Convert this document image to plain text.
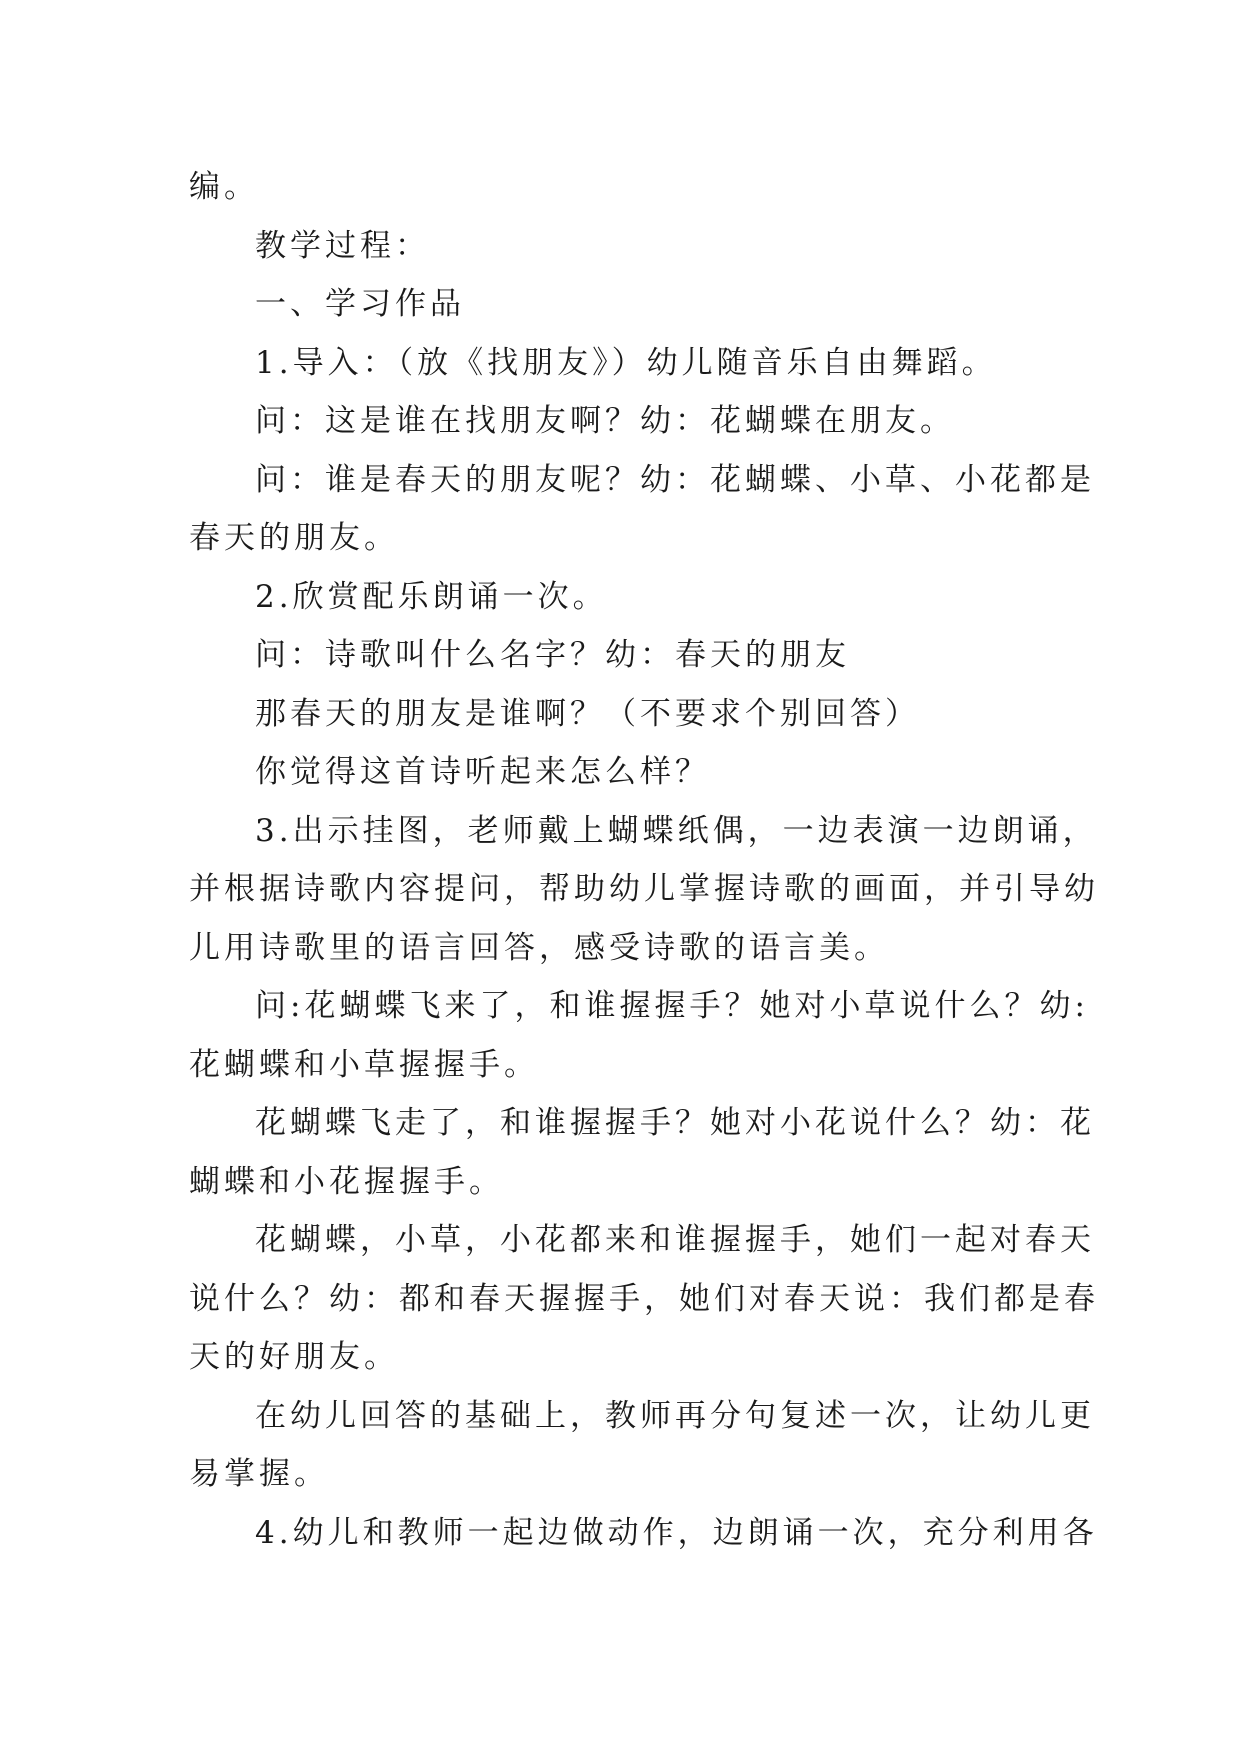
编。
教学过程：
一、学习作品
1.导入：（放《找朋友》）幼儿随音乐自由舞蹈。
问：这是谁在找朋友啊？幼：花蝴蝶在朋友。
问：谁是春天的朋友呢？幼：花蝴蝶、小草、小花都是
春天的朋友。
2.欣赏配乐朗诵一次。
问：诗歌叫什么名字？幼：春天的朋友
那春天的朋友是谁啊？（不要求个别回答）
你觉得这首诗听起来怎么样？
3.出示挂图，老师戴上蝴蝶纸偶，一边表演一边朗诵，
并根据诗歌内容提问，帮助幼儿掌握诗歌的画面，并引导幼
儿用诗歌里的语言回答，感受诗歌的语言美。
问:花蝴蝶飞来了，和谁握握手？她对小草说什么？幼:
花蝴蝶和小草握握手。
花蝴蝶飞走了，和谁握握手？她对小花说什么？幼：花
蝴蝶和小花握握手。
花蝴蝶，小草，小花都来和谁握握手，她们一起对春天
说什么？幼：都和春天握握手，她们对春天说：我们都是春
天的好朋友。
在幼儿回答的基础上，教师再分句复述一次，让幼儿更
易掌握。
4.幼儿和教师一起边做动作，边朗诵一次，充分利用各
